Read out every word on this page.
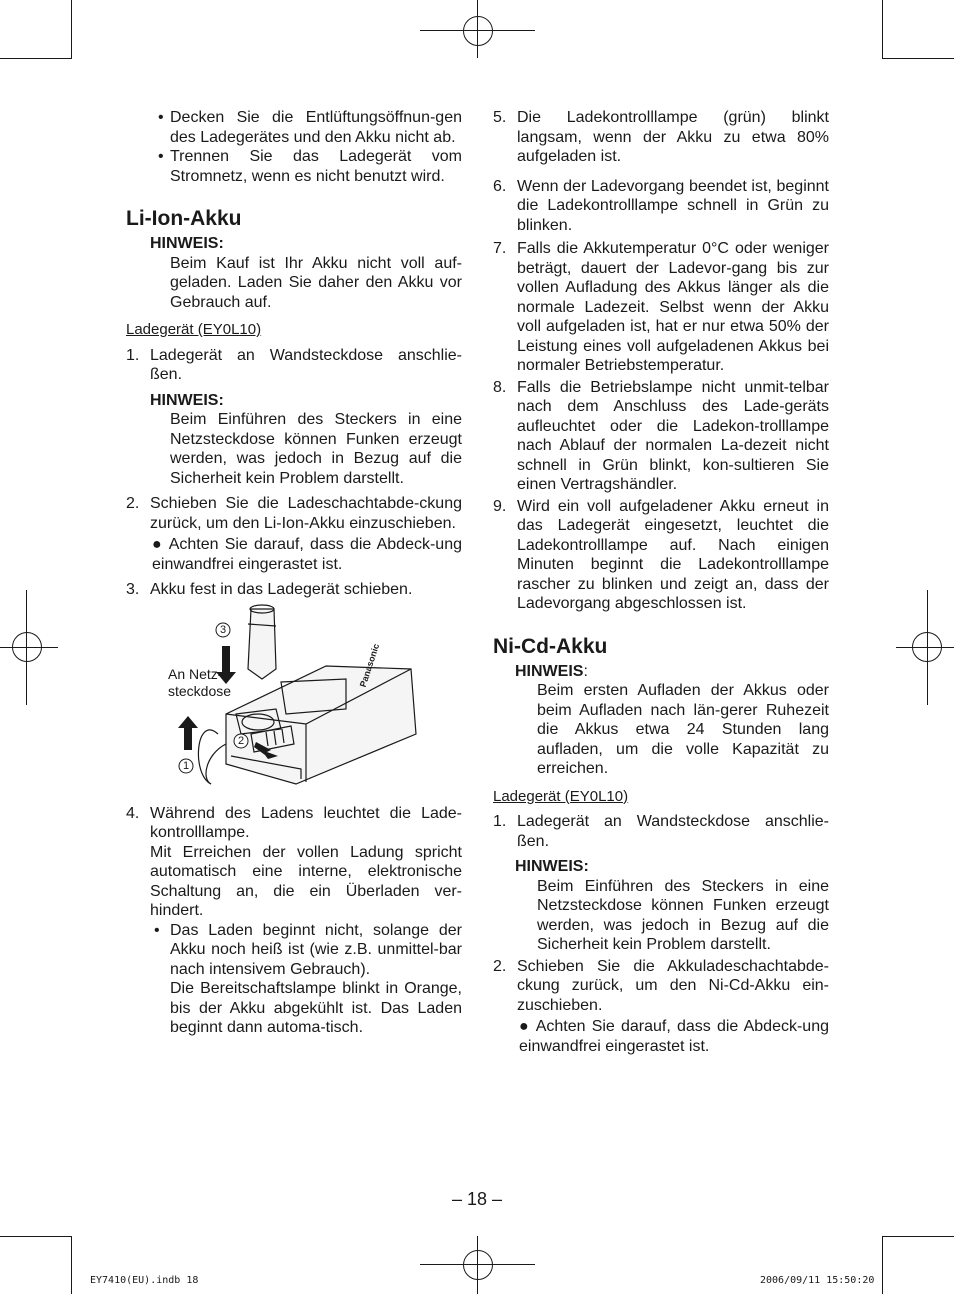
• Decken Sie die Entlüftungsöffnun-gen des Ladegerätes und den Akku nicht ab.
• Trennen Sie das Ladegerät vom Stromnetz, wenn es nicht benutzt wird.
Li-Ion-Akku
HINWEIS:

Beim Kauf ist Ihr Akku nicht voll auf-geladen. Laden Sie daher den Akku vor Gebrauch auf.

Ladegerät (EY0L10)

1. Ladegerät an Wandsteckdose anschlie-ßen.
HINWEIS:

Beim Einführen des Steckers in eine Netzsteckdose können Funken erzeugt werden, was jedoch in Bezug auf die Sicherheit kein Problem darstellt.

2. Schieben Sie die Ladeschachtabde-ckung zurück, um den Li-Ion-Akku einzuschieben.

● Achten Sie darauf, dass die Abdeck-ung einwandfrei eingerastet ist.

3. Akku fest in das Ladegerät schieben.
3
2
1
An Netz-steckdose
Panasonic
4. Während des Ladens leuchtet die Lade-kontrolllampe.

Mit Erreichen der vollen Ladung spricht automatisch eine interne, elektronische Schaltung an, die ein Überladen ver-hindert.

• Das Laden beginnt nicht, solange der Akku noch heiß ist (wie z.B. unmittel-bar nach intensivem Gebrauch).

Die Bereitschaftslampe blinkt in Orange, bis der Akku abgekühlt ist. Das Laden beginnt dann automa-tisch.

5. Die Ladekontrolllampe (grün) blinkt langsam, wenn der Akku zu etwa 80% aufgeladen ist.
6. Wenn der Ladevorgang beendet ist, beginnt die Ladekontrolllampe schnell in Grün zu blinken.
7. Falls die Akkutemperatur 0°C oder weniger beträgt, dauert der Ladevor-gang bis zur vollen Aufladung des Akkus länger als die normale Ladezeit. Selbst wenn der Akku voll aufgeladen ist, hat er nur etwa 50% der Leistung eines voll aufgeladenen Akkus bei normaler Betriebstemperatur.
8. Falls die Betriebslampe nicht unmit-telbar nach dem Anschluss des Lade-geräts aufleuchtet oder die Ladekon-trolllampe nach Ablauf der normalen La-dezeit nicht schnell in Grün blinkt, kon-sultieren Sie einen Vertragshändler.
9. Wird ein voll aufgeladener Akku erneut in das Ladegerät eingesetzt, leuchtet die Ladekontrolllampe auf. Nach einigen Minuten beginnt die Ladekontrolllampe rascher zu blinken und zeigt an, dass der Ladevorgang abgeschlossen ist.
Ni-Cd-Akku
HINWEIS:

Beim ersten Aufladen der Akkus oder beim Aufladen nach län-gerer Ruhezeit die Akkus etwa 24 Stunden lang aufladen, um die volle Kapazität zu erreichen.

Ladegerät (EY0L10)

1. Ladegerät an Wandsteckdose anschlie-ßen.
HINWEIS:

Beim Einführen des Steckers in eine Netzsteckdose können Funken erzeugt werden, was jedoch in Bezug auf die Sicherheit kein Problem darstellt.

2. Schieben Sie die Akkuladeschachtabde-ckung zurück, um den Ni-Cd-Akku ein-zuschieben.

● Achten Sie darauf, dass die Abdeck-ung einwandfrei eingerastet ist.

– 18 –
EY7410(EU).indb 18	2006/09/11 15:50:20
